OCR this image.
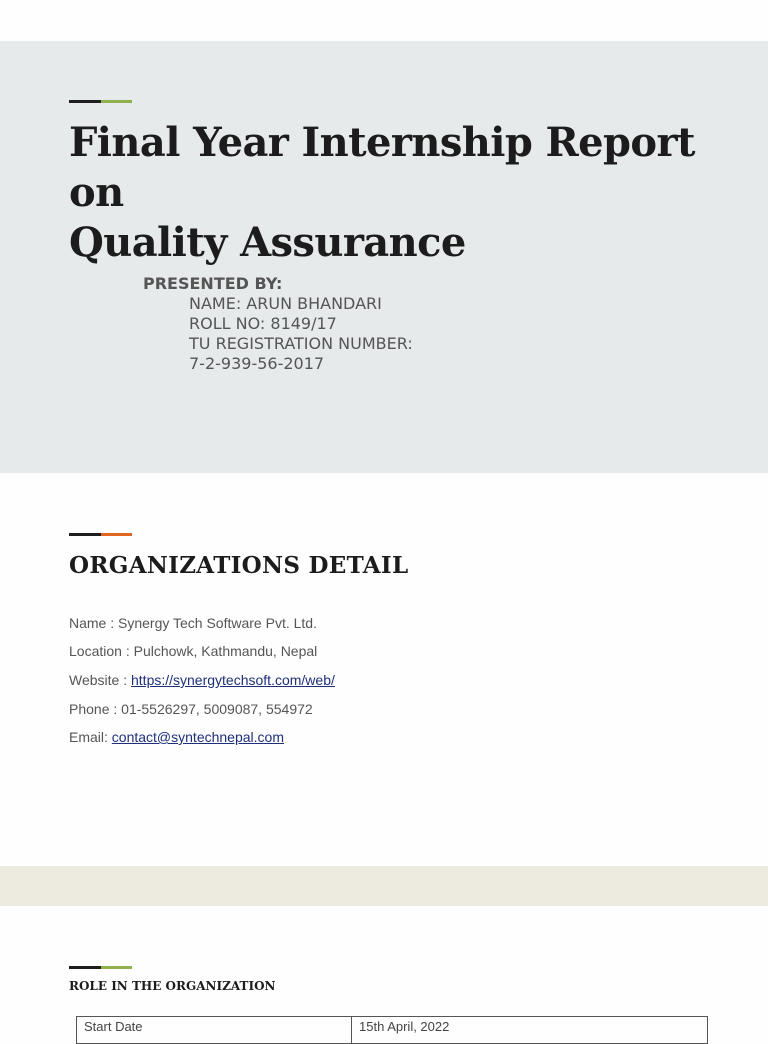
Final Year Internship Report on
Quality Assurance
PRESENTED BY:
NAME: ARUN BHANDARI
ROLL NO: 8149/17
TU REGISTRATION NUMBER:
7-2-939-56-2017
ORGANIZATIONS DETAIL
Name : Synergy Tech Software Pvt. Ltd.
Location : Pulchowk, Kathmandu, Nepal
Website : https://synergytechsoft.com/web/
Phone : 01-5526297, 5009087, 554972
Email: contact@syntechnepal.com
ROLE IN THE ORGANIZATION
Start Date	15th April, 2022
